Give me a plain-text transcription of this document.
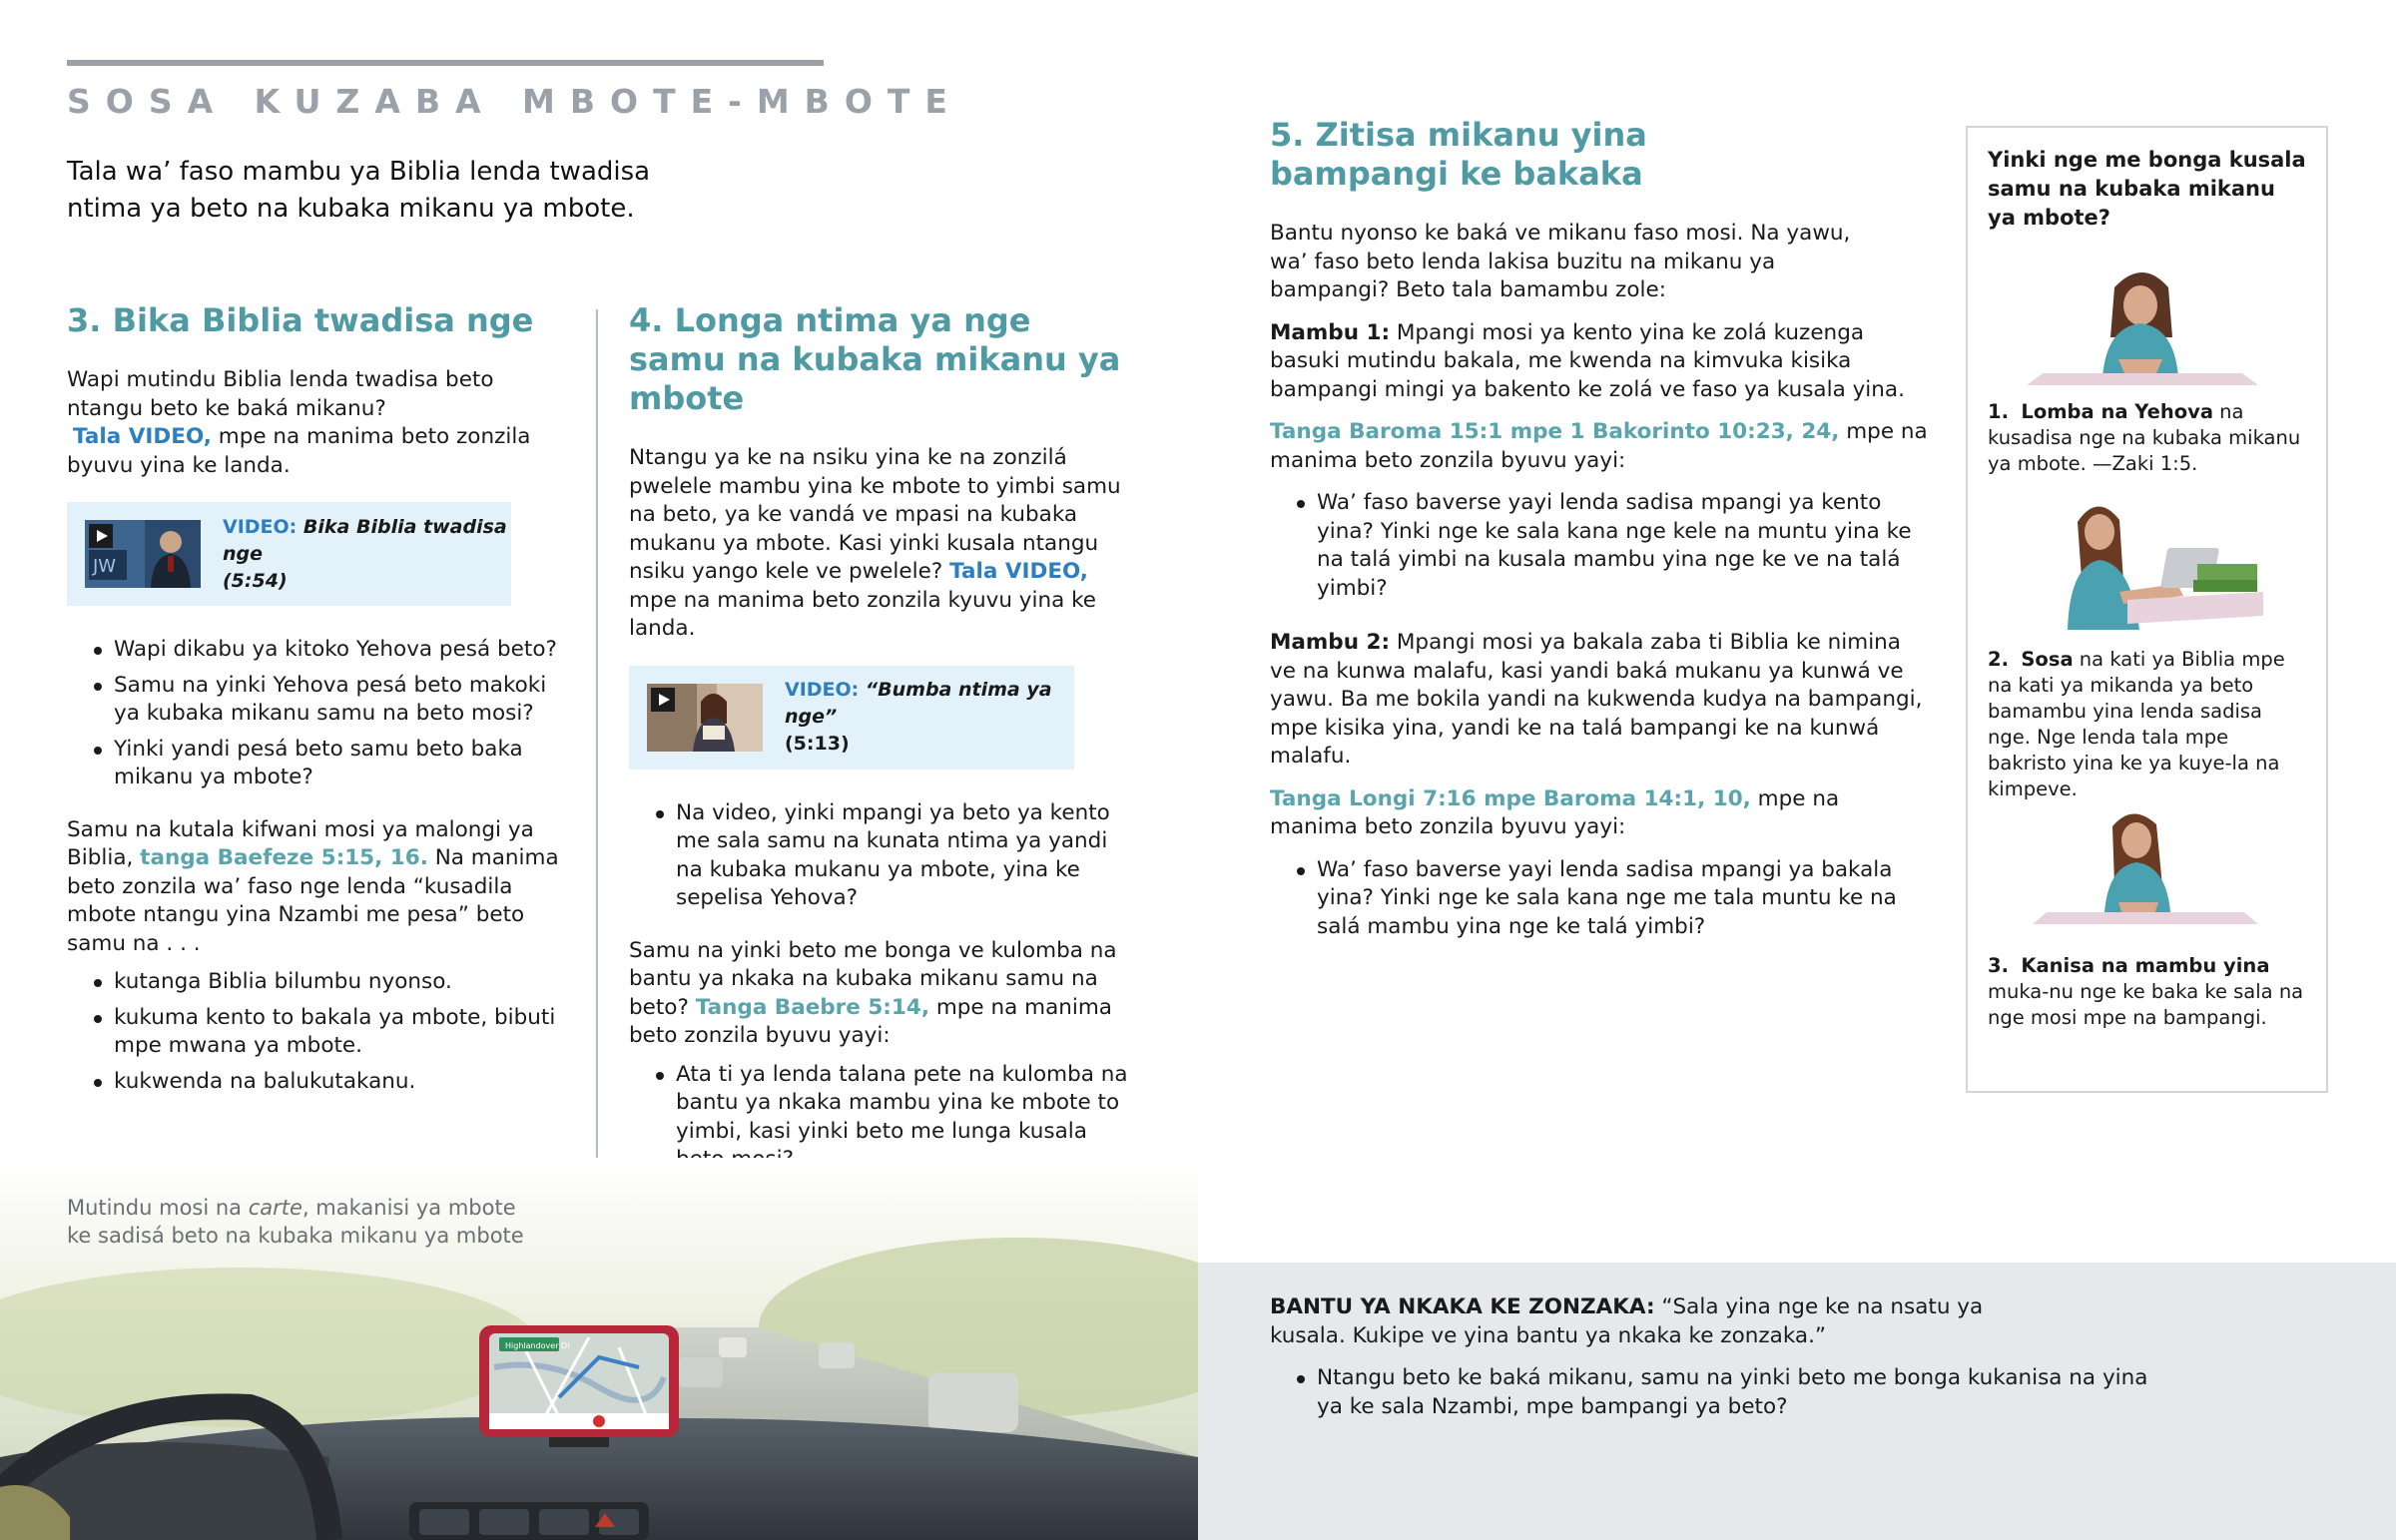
SOSA KUZABA MBOTE-MBOTE
Tala wa’ faso mambu ya Biblia lenda twadisa ntima ya beto na kubaka mikanu ya mbote.
3. Bika Biblia twadisa nge

Wapi mutindu Biblia lenda twadisa beto ntangu beto ke baká mikanu?
Tala VIDEO, mpe na manima beto zonzila byuvu yina ke landa.

JW
VIDEO: Bika Biblia twadisa nge
(5:54)
Wapi dikabu ya kitoko Yehova pesá beto?
Samu na yinki Yehova pesá beto makoki ya kubaka mikanu samu na beto mosi?
Yinki yandi pesá beto samu beto baka mikanu ya mbote?

Samu na kutala kifwani mosi ya malongi ya Biblia, tanga Baefeze 5:15, 16. Na manima beto zonzila wa’ faso nge lenda “kusadila mbote ntangu yina Nzambi me pesa” beto samu na . . .

kutanga Biblia bilumbu nyonso.
kukuma kento to bakala ya mbote, bibuti mpe mwana ya mbote.
kukwenda na balukutakanu.
4. Longa ntima ya nge samu na kubaka mikanu ya mbote

Ntangu ya ke na nsiku yina ke na zonzilá pwelele mambu yina ke mbote to yimbi samu na beto, ya ke vandá ve mpasi na kubaka mukanu ya mbote. Kasi yinki kusala ntangu nsiku yango kele ve pwelele? Tala VIDEO, mpe na manima beto zonzila kyuvu yina ke landa.

VIDEO: “Bumba ntima ya nge”
(5:13)
Na video, yinki mpangi ya beto ya kento me sala samu na kunata ntima ya yandi na kubaka mukanu ya mbote, yina ke sepelisa Yehova?

Samu na yinki beto me bonga ve kulomba na bantu ya nkaka na kubaka mikanu samu na beto? Tanga Baebre 5:14, mpe na manima beto zonzila byuvu yayi:

Ata ti ya lenda talana pete na kulomba na bantu ya nkaka mambu yina ke mbote to yimbi, kasi yinki beto me lunga kusala
5. Zitisa mikanu yina bampangi ke bakaka

Bantu nyonso ke baká ve mikanu faso mosi. Na yawu, wa’ faso beto lenda lakisa buzitu na mikanu ya bampangi? Beto tala bamambu zole:

Mambu 1: Mpangi mosi ya kento yina ke zolá kuzenga basuki mutindu bakala, me kwenda na kimvuka kisika bampangi mingi ya bakento ke zolá ve faso ya kusala yina.

Tanga Baroma 15:1 mpe 1 Bakorinto 10:23, 24, mpe na manima beto zonzila byuvu yayi:

Wa’ faso baverse yayi lenda sadisa mpangi ya kento yina? Yinki nge ke sala kana nge kele na muntu yina ke na talá yimbi na kusala mambu yina nge ke ve na talá yimbi?

Mambu 2: Mpangi mosi ya bakala zaba ti Biblia ke nimina ve na kunwa malafu, kasi yandi baká mukanu ya kunwá ve yawu. Ba me bokila yandi na kukwenda kudya na bampangi, mpe kisika yina, yandi ke na talá bampangi ke na kunwá malafu.

Tanga Longi 7:16 mpe Baroma 14:1, 10, mpe na manima beto zonzila byuvu yayi:

Wa’ faso baverse yayi lenda sadisa mpangi ya bakala yina? Yinki nge ke sala kana nge me tala muntu ke na salá mambu yina nge ke talá yimbi?
Yinki nge me bonga kusala samu na kubaka mikanu ya mbote?
1. Lomba na Yehova na kusadisa nge na kubaka mikanu ya mbote. —Zaki 1:5.
2. Sosa na kati ya Biblia mpe na kati ya mikanda ya beto bamambu yina lenda sadisa nge. Nge lenda tala mpe bakristo yina ke ya kuye-la na kimpeve.
3. Kanisa na mambu yina muka-nu nge ke baka ke sala na nge mosi mpe na bampangi.
Highlandover Dr
Mutindu mosi na carte, makanisi ya mbote
ke sadisá beto na kubaka mikanu ya mbote

BANTU YA NKAKA KE ZONZAKA: “Sala yina nge ke na nsatu ya kusala. Kukipe ve yina bantu ya nkaka ke zonzaka.”

Ntangu beto ke baká mikanu, samu na yinki beto me bonga kukanisa na yina ya ke sala Nzambi, mpe bampangi ya beto?
